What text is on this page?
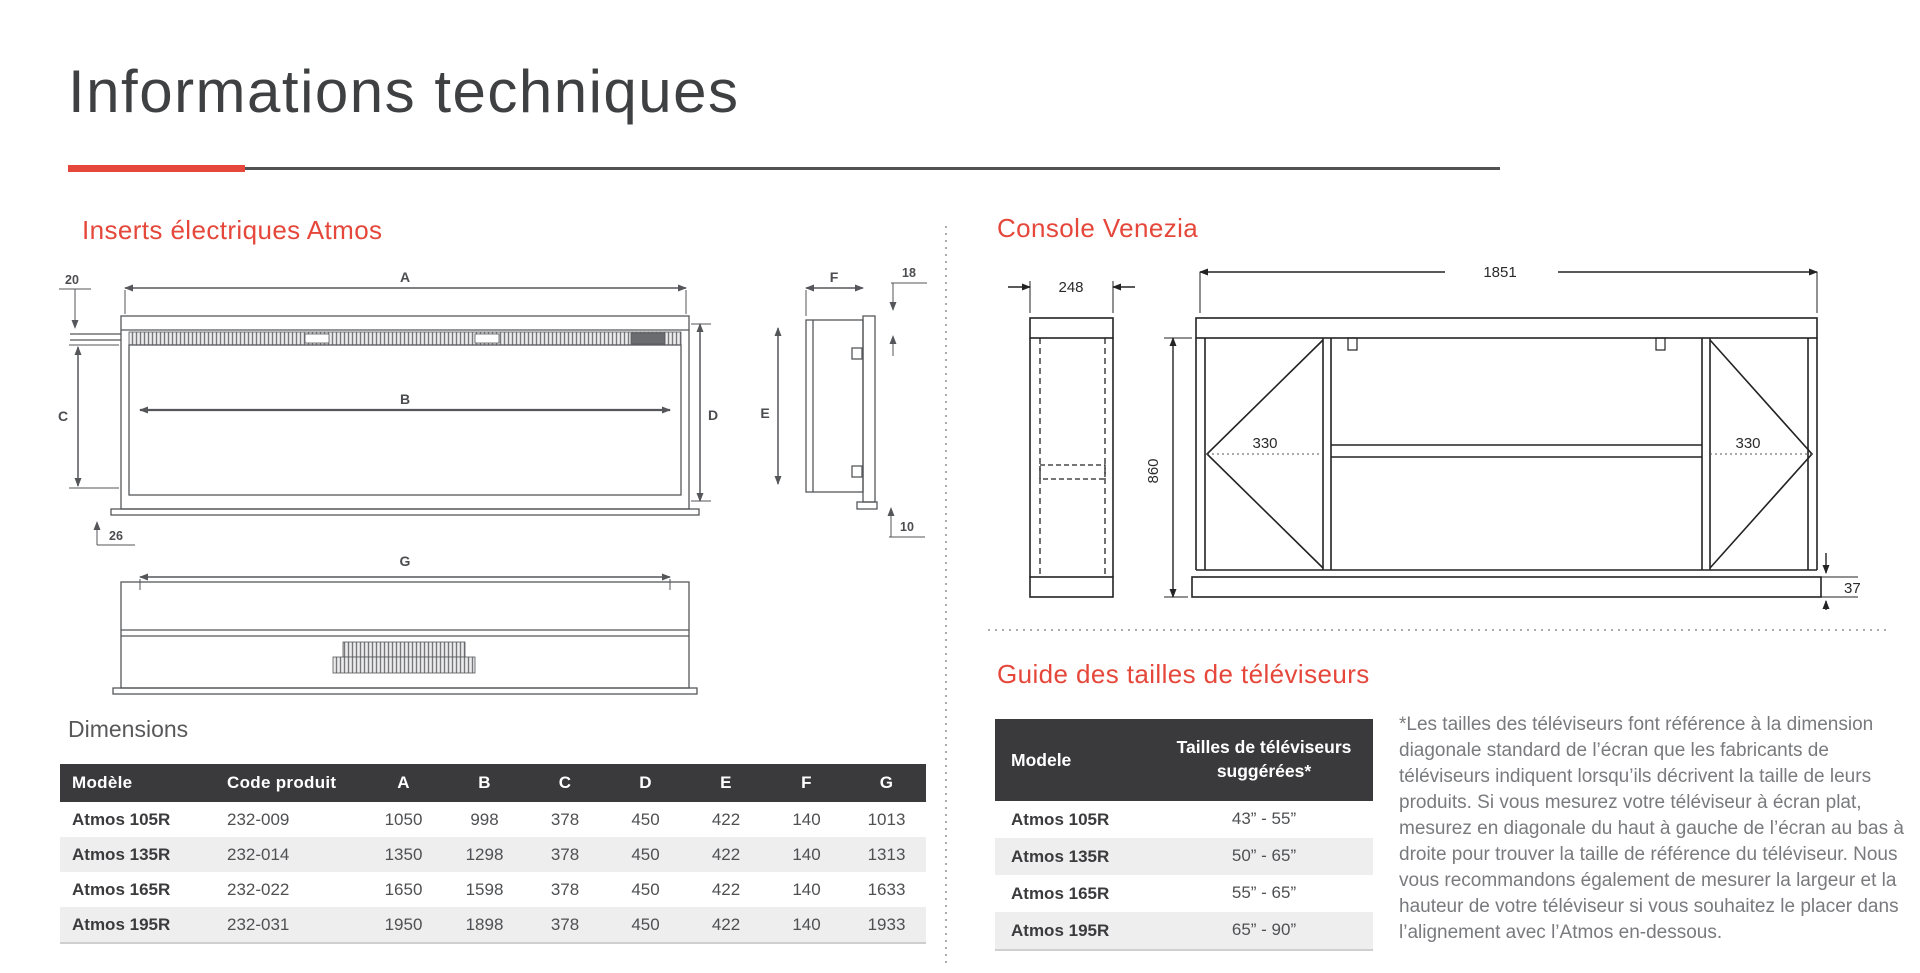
Informations techniques
Inserts électriques Atmos
A
20
C
B
D	E
26
G
F	18
10
Dimensions
Modèle	Code produit	A	B	C	D	E	F	G
Atmos 105R	232-009	1050	998	378	450	422	140	1013
Atmos 135R	232-014	1350	1298	378	450	422	140	1313
Atmos 165R	232-022	1650	1598	378	450	422	140	1633
Atmos 195R	232-031	1950	1898	378	450	422	140	1933
Console Venezia
248
1851
860
330	330
37
Guide des tailles de téléviseurs
Modele	Tailles de téléviseurs suggérées*
Atmos 105R	43” - 55”
Atmos 135R	50” - 65”
Atmos 165R	55” - 65”
Atmos 195R	65” - 90”

*Les tailles des téléviseurs font référence à la dimension diagonale standard de l’écran que les fabricants de téléviseurs indiquent lorsqu’ils décrivent la taille de leurs produits. Si vous mesurez votre téléviseur à écran plat, mesurez en diagonale du haut à gauche de l’écran au bas à droite pour trouver la taille de référence du téléviseur. Nous vous recommandons également de mesurer la largeur et la hauteur de votre téléviseur si vous souhaitez le placer dans l’alignement avec l’Atmos en-dessous.
